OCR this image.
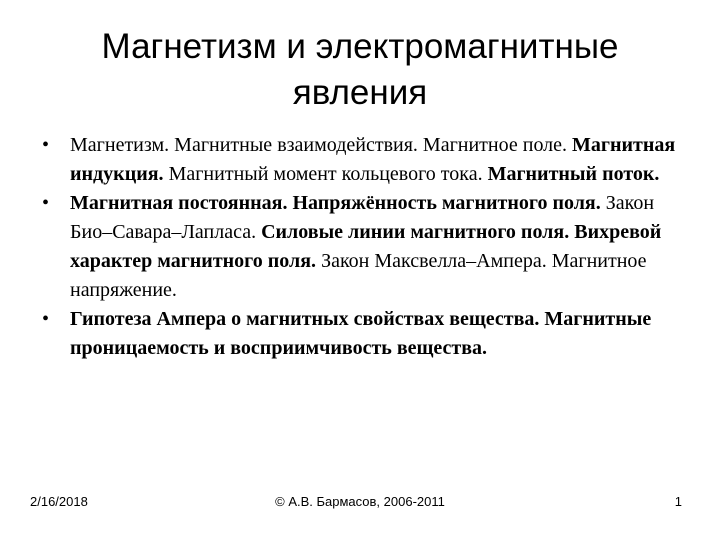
Магнетизм и электромагнитные
явления
• Магнетизм. Магнитные взаимодействия. Магнитное поле. Магнитная индукция. Магнитный момент кольцевого тока. Магнитный поток.
• Магнитная постоянная. Напряжённость магнитного поля. Закон Био–Савара–Лапласа. Силовые линии магнитного поля. Вихревой характер магнитного поля. Закон Максвелла–Ампера. Магнитное напряжение.
• Гипотеза Ампера о магнитных свойствах вещества. Магнитные проницаемость и восприимчивость вещества.
2/16/2018	© А.В. Бармасов, 2006-2011	1
